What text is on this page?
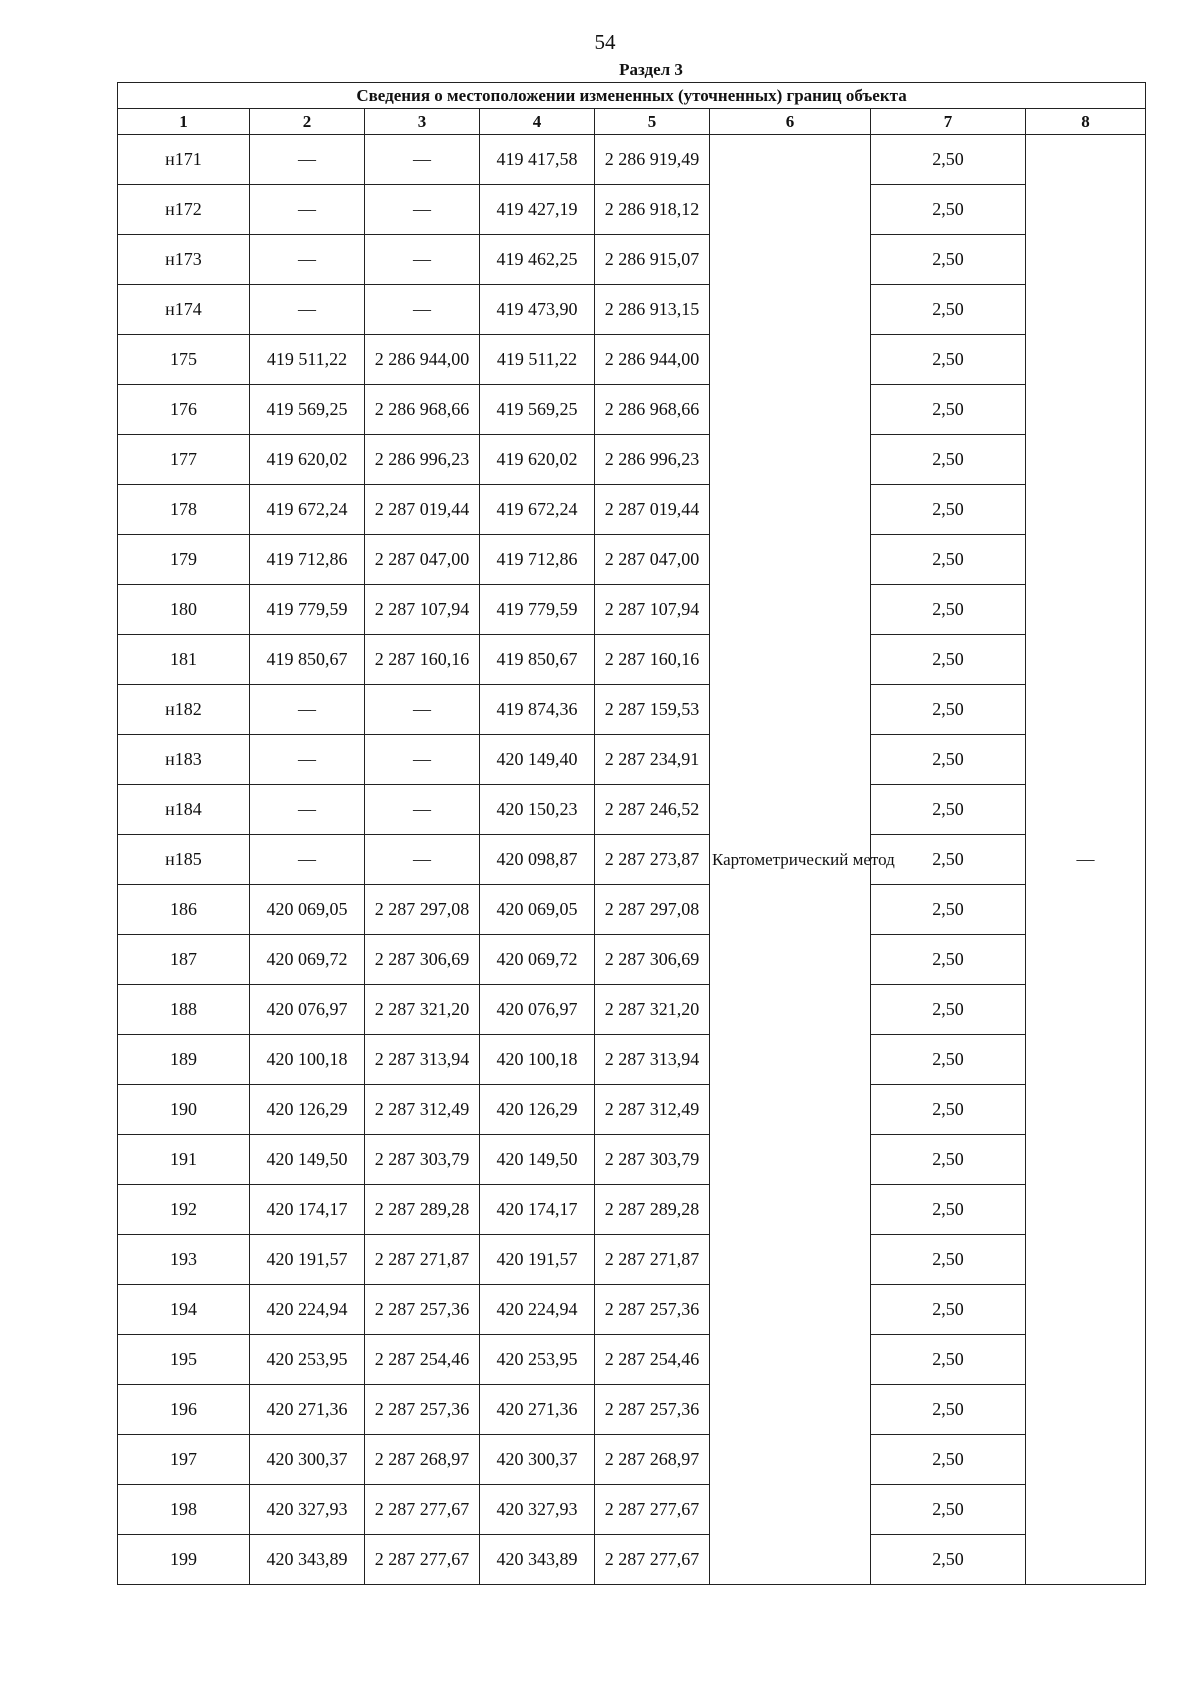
54
Раздел 3
Сведения о местоположении измененных (уточненных) границ объекта							
1	2	3	4	5	6	7	8
н171	—	—	419 417,58	2 286 919,49	Картометрический метод	2,50	—
н172	—	—	419 427,19	2 286 918,12		2,50	
н173	—	—	419 462,25	2 286 915,07		2,50	
н174	—	—	419 473,90	2 286 913,15		2,50	
175	419 511,22	2 286 944,00	419 511,22	2 286 944,00		2,50	
176	419 569,25	2 286 968,66	419 569,25	2 286 968,66		2,50	
177	419 620,02	2 286 996,23	419 620,02	2 286 996,23		2,50	
178	419 672,24	2 287 019,44	419 672,24	2 287 019,44		2,50	
179	419 712,86	2 287 047,00	419 712,86	2 287 047,00		2,50	
180	419 779,59	2 287 107,94	419 779,59	2 287 107,94		2,50	
181	419 850,67	2 287 160,16	419 850,67	2 287 160,16		2,50	
н182	—	—	419 874,36	2 287 159,53		2,50	
н183	—	—	420 149,40	2 287 234,91		2,50	
н184	—	—	420 150,23	2 287 246,52		2,50	
н185	—	—	420 098,87	2 287 273,87		2,50	
186	420 069,05	2 287 297,08	420 069,05	2 287 297,08		2,50	
187	420 069,72	2 287 306,69	420 069,72	2 287 306,69		2,50	
188	420 076,97	2 287 321,20	420 076,97	2 287 321,20		2,50	
189	420 100,18	2 287 313,94	420 100,18	2 287 313,94		2,50	
190	420 126,29	2 287 312,49	420 126,29	2 287 312,49		2,50	
191	420 149,50	2 287 303,79	420 149,50	2 287 303,79		2,50	
192	420 174,17	2 287 289,28	420 174,17	2 287 289,28		2,50	
193	420 191,57	2 287 271,87	420 191,57	2 287 271,87		2,50	
194	420 224,94	2 287 257,36	420 224,94	2 287 257,36		2,50	
195	420 253,95	2 287 254,46	420 253,95	2 287 254,46		2,50	
196	420 271,36	2 287 257,36	420 271,36	2 287 257,36		2,50	
197	420 300,37	2 287 268,97	420 300,37	2 287 268,97		2,50	
198	420 327,93	2 287 277,67	420 327,93	2 287 277,67		2,50	
199	420 343,89	2 287 277,67	420 343,89	2 287 277,67		2,50	
